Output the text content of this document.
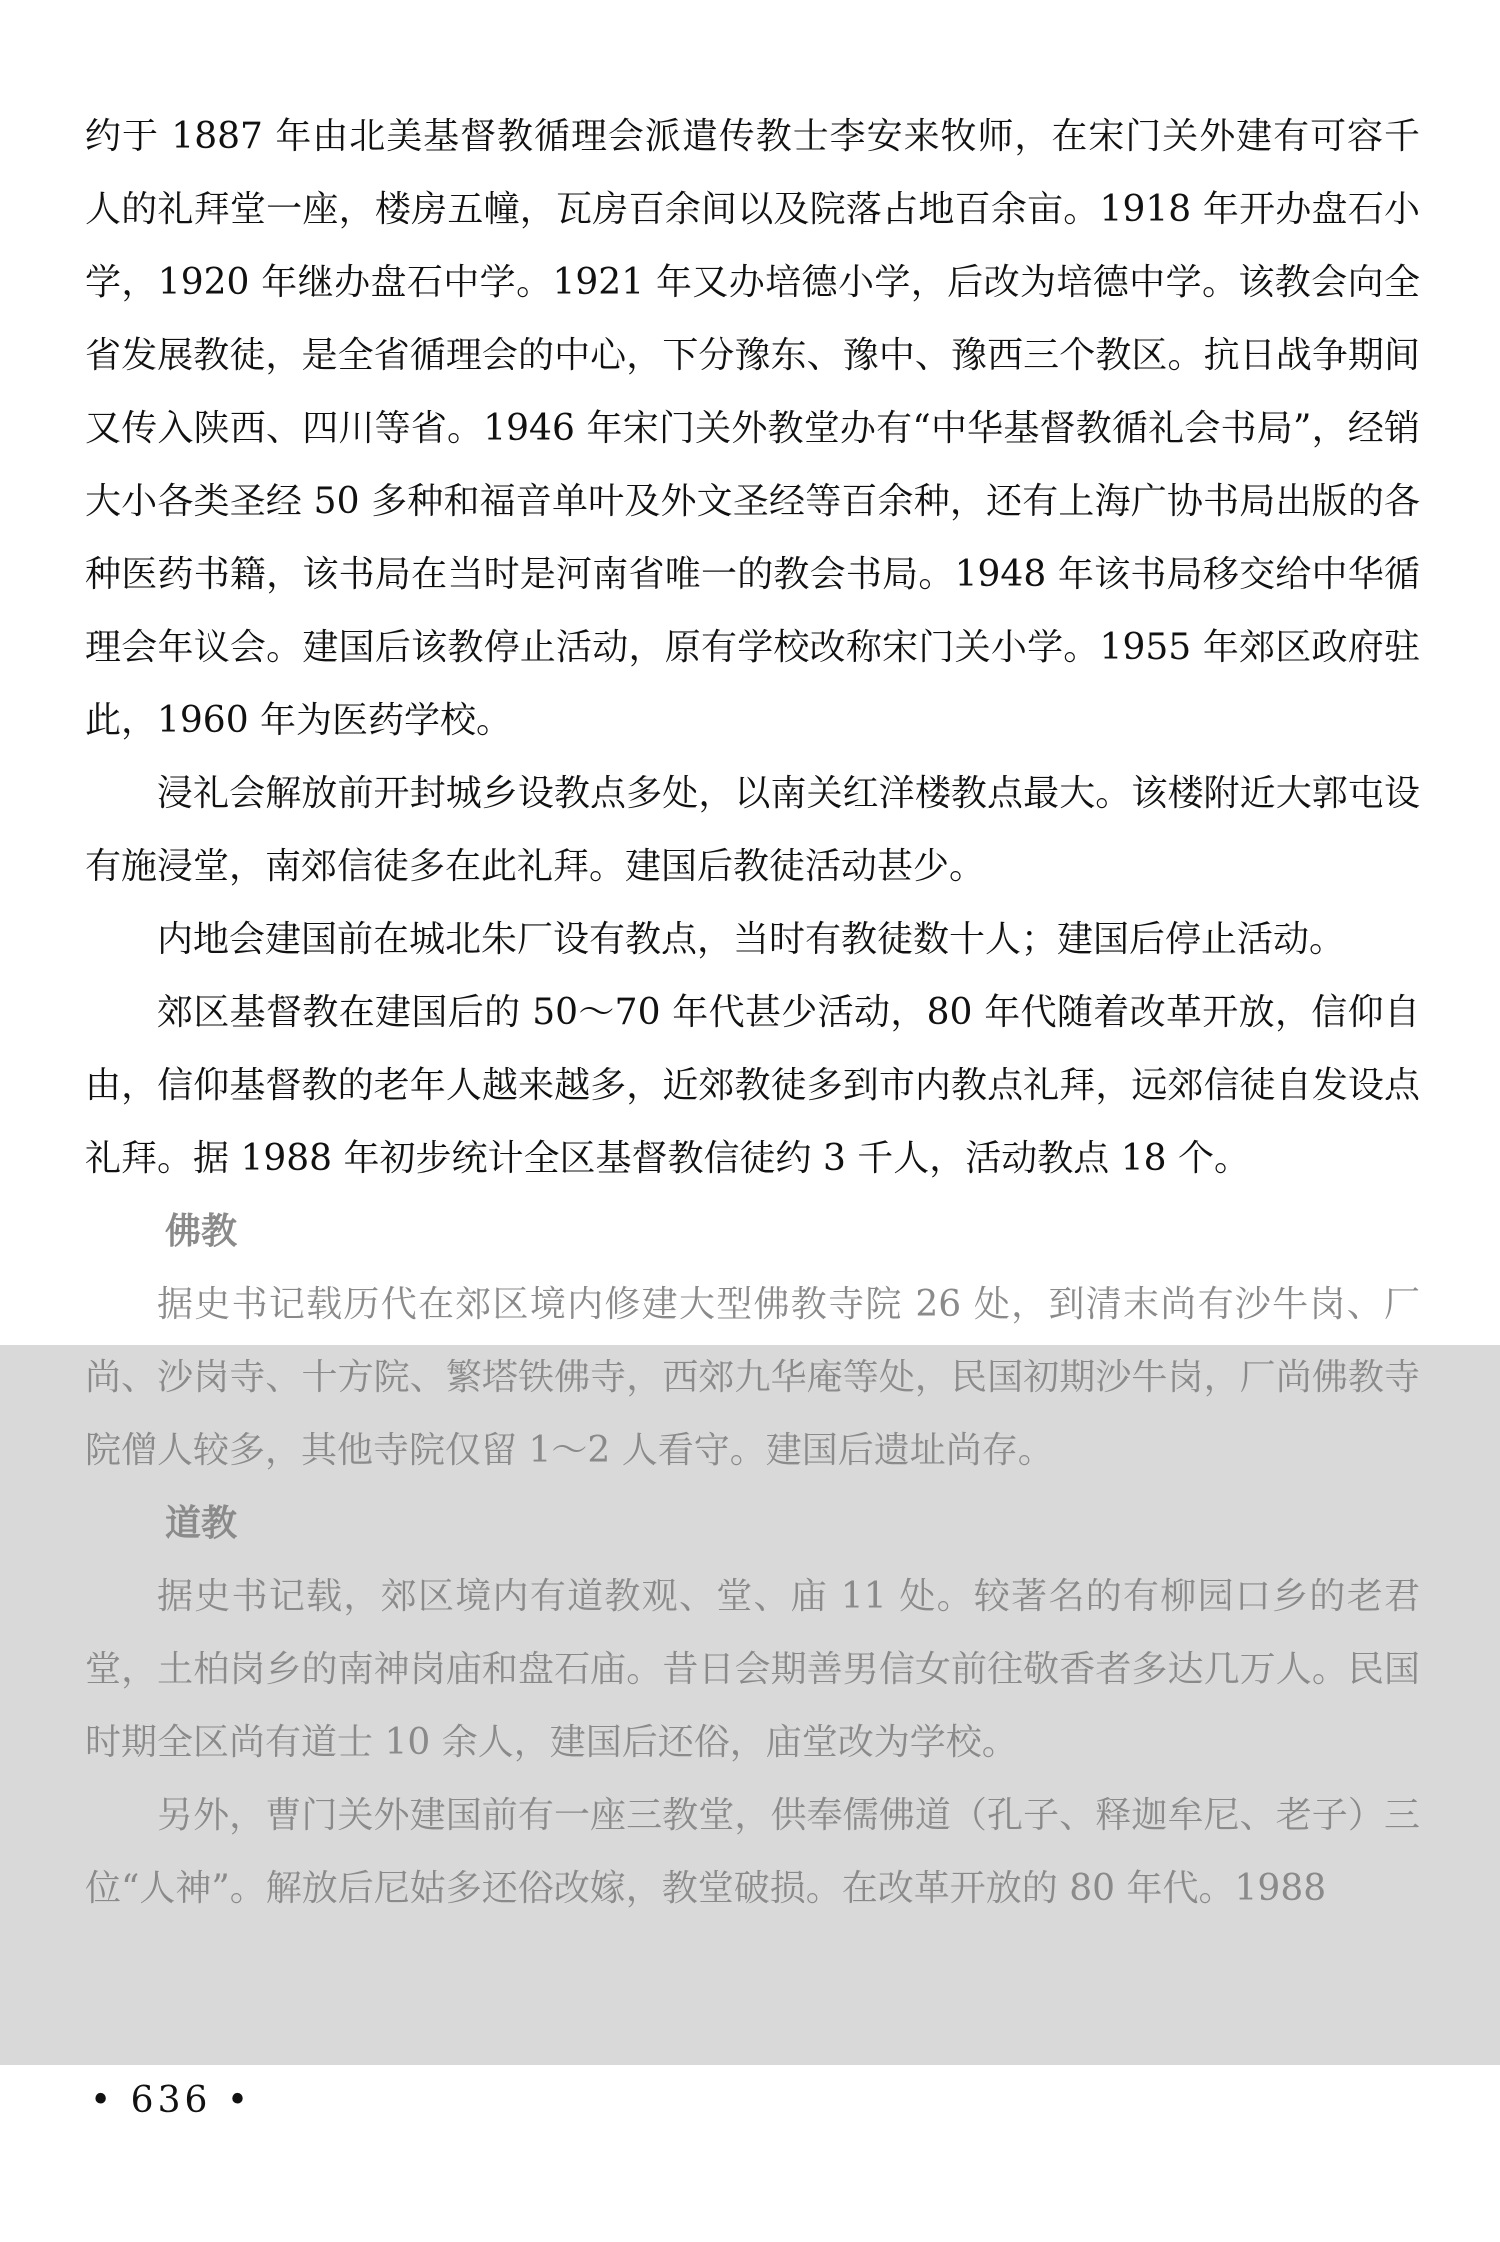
约于 1887 年由北美基督教循理会派遣传教士李安来牧师，在宋门关外建有可容千人的礼拜堂一座，楼房五幢，瓦房百余间以及院落占地百余亩。1918 年开办盘石小学，1920 年继办盘石中学。1921 年又办培德小学，后改为培德中学。该教会向全省发展教徒，是全省循理会的中心，下分豫东、豫中、豫西三个教区。抗日战争期间又传入陕西、四川等省。1946 年宋门关外教堂办有“中华基督教循礼会书局”，经销大小各类圣经 50 多种和福音单叶及外文圣经等百余种，还有上海广协书局出版的各种医药书籍，该书局在当时是河南省唯一的教会书局。1948 年该书局移交给中华循理会年议会。建国后该教停止活动，原有学校改称宋门关小学。1955 年郊区政府驻此，1960 年为医药学校。

浸礼会解放前开封城乡设教点多处，以南关红洋楼教点最大。该楼附近大郭屯设有施浸堂，南郊信徒多在此礼拜。建国后教徒活动甚少。

内地会建国前在城北朱厂设有教点，当时有教徒数十人；建国后停止活动。

郊区基督教在建国后的 50～70 年代甚少活动，80 年代随着改革开放，信仰自由，信仰基督教的老年人越来越多，近郊教徒多到市内教点礼拜，远郊信徒自发设点礼拜。据 1988 年初步统计全区基督教信徒约 3 千人，活动教点 18 个。

佛教

据史书记载历代在郊区境内修建大型佛教寺院 26 处，到清末尚有沙牛岗、厂尚、沙岗寺、十方院、繁塔铁佛寺，西郊九华庵等处，民国初期沙牛岗，厂尚佛教寺院僧人较多，其他寺院仅留 1～2 人看守。建国后遗址尚存。

道教

据史书记载，郊区境内有道教观、堂、庙 11 处。较著名的有柳园口乡的老君堂，土柏岗乡的南神岗庙和盘石庙。昔日会期善男信女前往敬香者多达几万人。民国时期全区尚有道士 10 余人，建国后还俗，庙堂改为学校。

另外，曹门关外建国前有一座三教堂，供奉儒佛道（孔子、释迦牟尼、老子）三位“人神”。解放后尼姑多还俗改嫁，教堂破损。在改革开放的 80 年代。1988

• 636 •
